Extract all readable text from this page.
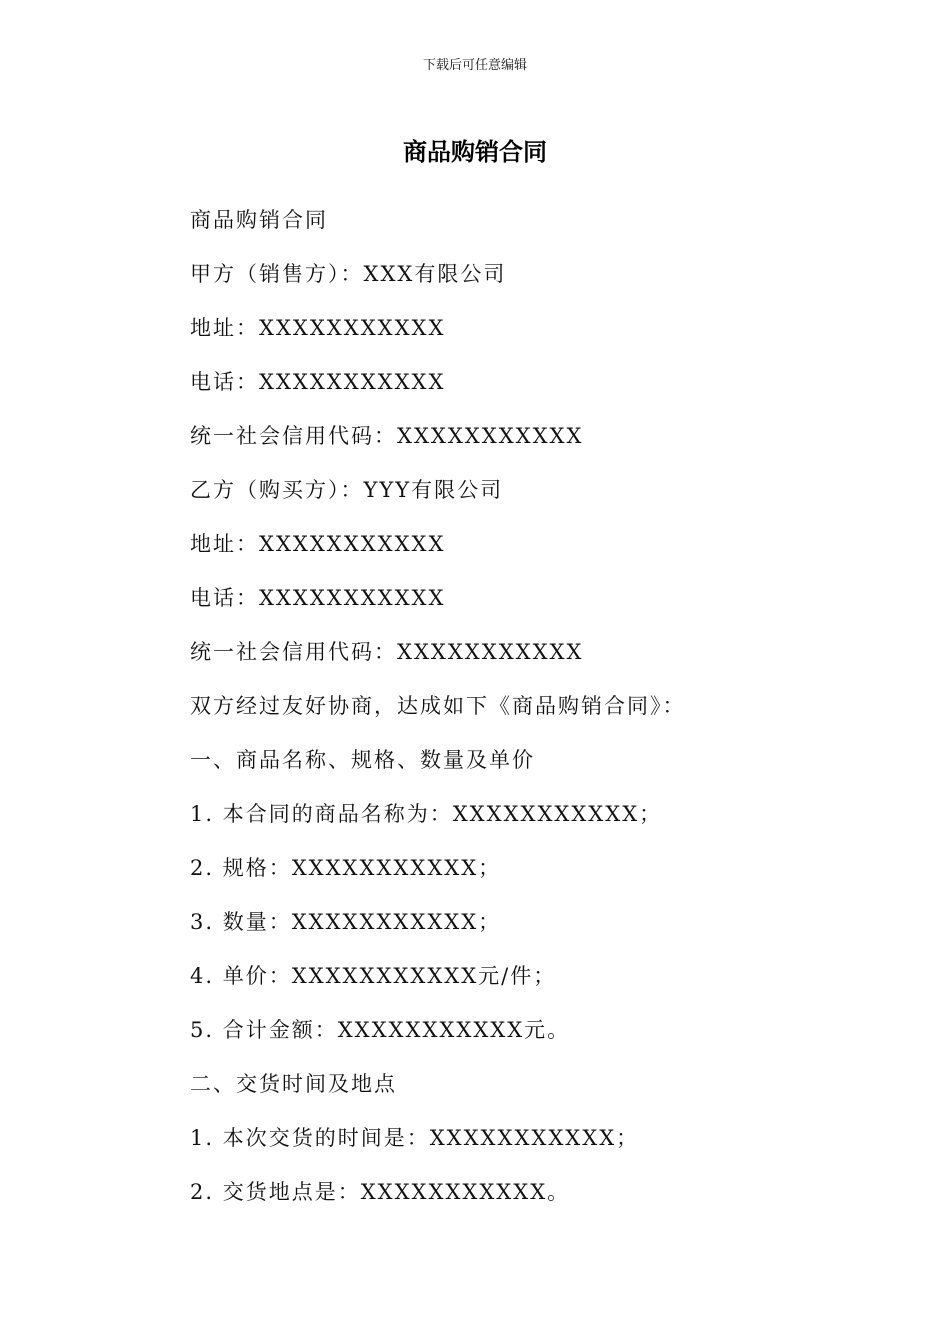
下载后可任意编辑
商品购销合同
商品购销合同
甲方（销售方）：XXX有限公司
地址：XXXXXXXXXXX
电话：XXXXXXXXXXX
统一社会信用代码：XXXXXXXXXXX
乙方（购买方）：YYY有限公司
地址：XXXXXXXXXXX
电话：XXXXXXXXXXX
统一社会信用代码：XXXXXXXXXXX
双方经过友好协商，达成如下《商品购销合同》：
一、商品名称、规格、数量及单价
1. 本合同的商品名称为：XXXXXXXXXXX；
2. 规格：XXXXXXXXXXX；
3. 数量：XXXXXXXXXXX；
4. 单价：XXXXXXXXXXX元/件；
5. 合计金额：XXXXXXXXXXX元。
二、交货时间及地点
1. 本次交货的时间是：XXXXXXXXXXX；
2. 交货地点是：XXXXXXXXXXX。
